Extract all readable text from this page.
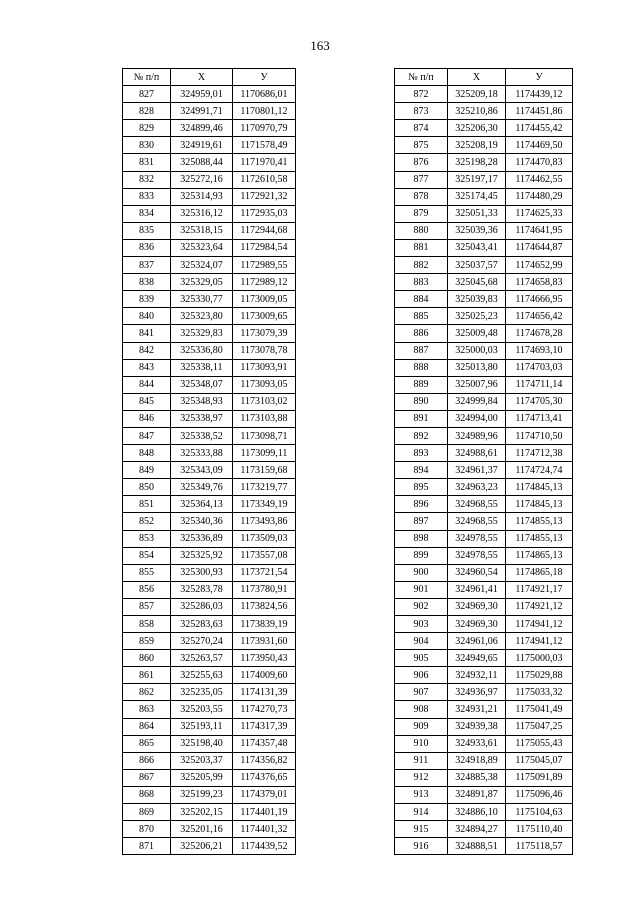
163
№ п/п	X	У
827	324959,01	1170686,01
828	324991,71	1170801,12
829	324899,46	1170970,79
830	324919,61	1171578,49
831	325088,44	1171970,41
832	325272,16	1172610,58
833	325314,93	1172921,32
834	325316,12	1172935,03
835	325318,15	1172944,68
836	325323,64	1172984,54
837	325324,07	1172989,55
838	325329,05	1172989,12
839	325330,77	1173009,05
840	325323,80	1173009,65
841	325329,83	1173079,39
842	325336,80	1173078,78
843	325338,11	1173093,91
844	325348,07	1173093,05
845	325348,93	1173103,02
846	325338,97	1173103,88
847	325338,52	1173098,71
848	325333,88	1173099,11
849	325343,09	1173159,68
850	325349,76	1173219,77
851	325364,13	1173349,19
852	325340,36	1173493,86
853	325336,89	1173509,03
854	325325,92	1173557,08
855	325300,93	1173721,54
856	325283,78	1173780,91
857	325286,03	1173824,56
858	325283,63	1173839,19
859	325270,24	1173931,60
860	325263,57	1173950,43
861	325255,63	1174009,60
862	325235,05	1174131,39
863	325203,55	1174270,73
864	325193,11	1174317,39
865	325198,40	1174357,48
866	325203,37	1174356,82
867	325205,99	1174376,65
868	325199,23	1174379,01
869	325202,15	1174401,19
870	325201,16	1174401,32
871	325206,21	1174439,52
№ п/п	X	У
872	325209,18	1174439,12
873	325210,86	1174451,86
874	325206,30	1174455,42
875	325208,19	1174469,50
876	325198,28	1174470,83
877	325197,17	1174462,55
878	325174,45	1174480,29
879	325051,33	1174625,33
880	325039,36	1174641,95
881	325043,41	1174644,87
882	325037,57	1174652,99
883	325045,68	1174658,83
884	325039,83	1174666,95
885	325025,23	1174656,42
886	325009,48	1174678,28
887	325000,03	1174693,10
888	325013,80	1174703,03
889	325007,96	1174711,14
890	324999,84	1174705,30
891	324994,00	1174713,41
892	324989,96	1174710,50
893	324988,61	1174712,38
894	324961,37	1174724,74
895	324963,23	1174845,13
896	324968,55	1174845,13
897	324968,55	1174855,13
898	324978,55	1174855,13
899	324978,55	1174865,13
900	324960,54	1174865,18
901	324961,41	1174921,17
902	324969,30	1174921,12
903	324969,30	1174941,12
904	324961,06	1174941,12
905	324949,65	1175000,03
906	324932,11	1175029,88
907	324936,97	1175033,32
908	324931,21	1175041,49
909	324939,38	1175047,25
910	324933,61	1175055,43
911	324918,89	1175045,07
912	324885,38	1175091,89
913	324891,87	1175096,46
914	324886,10	1175104,63
915	324894,27	1175110,40
916	324888,51	1175118,57
